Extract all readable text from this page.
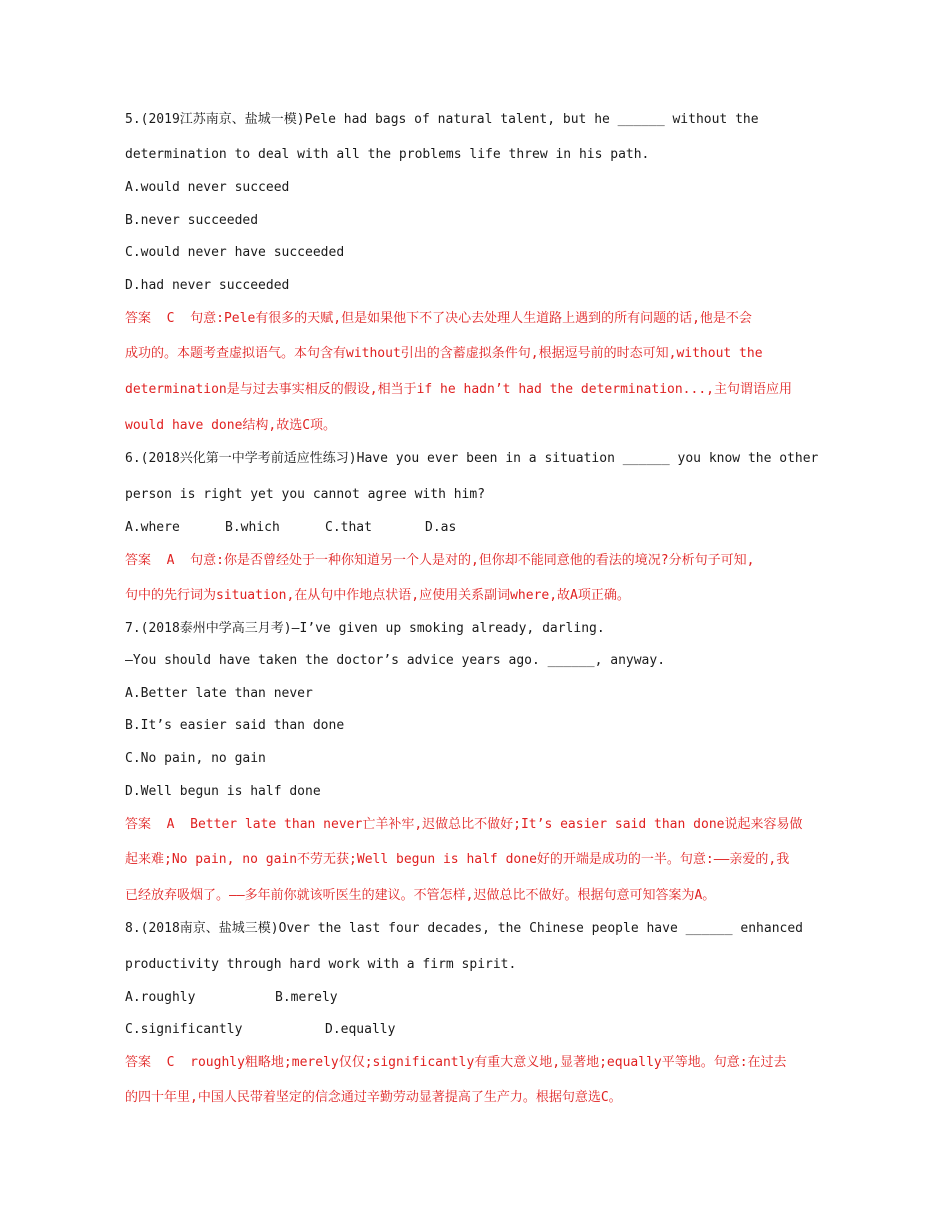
5.(2019江苏南京、盐城一模)Pele had bags of natural talent, but he ______ without the
determination to deal with all the problems life threw in his path.
A.would never succeed
B.never succeeded
C.would never have succeeded
D.had never succeeded
答案  C  句意:Pele有很多的天赋,但是如果他下不了决心去处理人生道路上遇到的所有问题的话,他是不会
成功的。本题考查虚拟语气。本句含有without引出的含蓄虚拟条件句,根据逗号前的时态可知,without the
determination是与过去事实相反的假设,相当于if he hadn’t had the determination...,主句谓语应用
would have done结构,故选C项。
6.(2018兴化第一中学考前适应性练习)Have you ever been in a situation ______ you know the other
person is right yet you cannot agree with him?
A.where	B.which	C.that	D.as
答案  A  句意:你是否曾经处于一种你知道另一个人是对的,但你却不能同意他的看法的境况?分析句子可知,
句中的先行词为situation,在从句中作地点状语,应使用关系副词where,故A项正确。
7.(2018泰州中学高三月考)—I’ve given up smoking already, darling.
—You should have taken the doctor’s advice years ago. ______, anyway.
A.Better late than never
B.It’s easier said than done
C.No pain, no gain
D.Well begun is half done
答案  A  Better late than never亡羊补牢,迟做总比不做好;It’s easier said than done说起来容易做
起来难;No pain, no gain不劳无获;Well begun is half done好的开端是成功的一半。句意:——亲爱的,我
已经放弃吸烟了。——多年前你就该听医生的建议。不管怎样,迟做总比不做好。根据句意可知答案为A。
8.(2018南京、盐城三模)Over the last four decades, the Chinese people have ______ enhanced
productivity through hard work with a firm spirit.
A.roughly	B.merely
C.significantly	D.equally
答案  C  roughly粗略地;merely仅仅;significantly有重大意义地,显著地;equally平等地。句意:在过去
的四十年里,中国人民带着坚定的信念通过辛勤劳动显著提高了生产力。根据句意选C。
